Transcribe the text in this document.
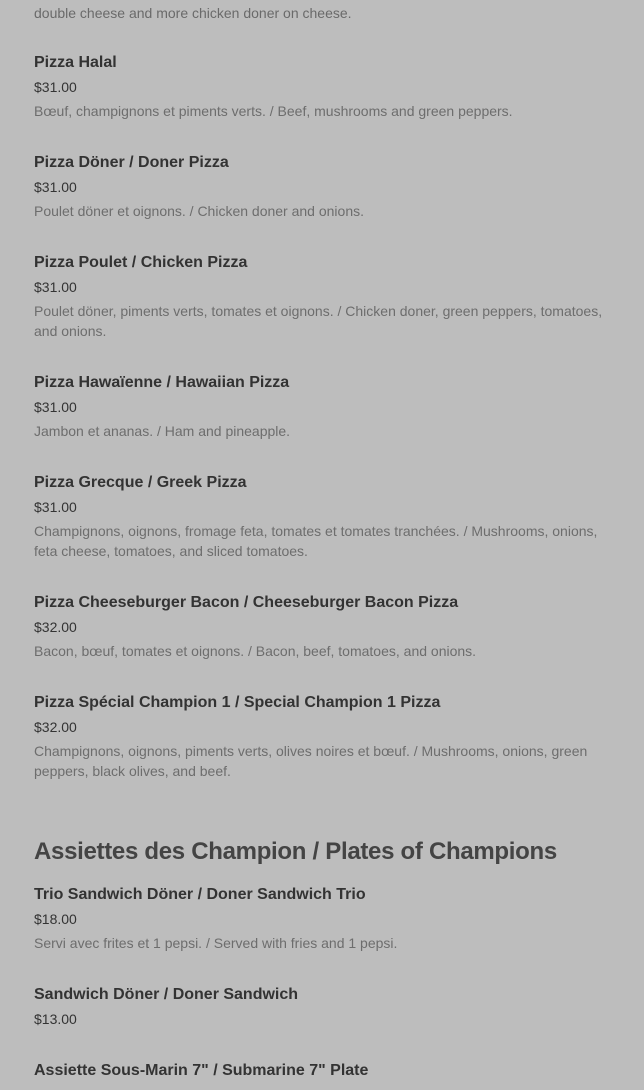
double cheese and more chicken doner on cheese.
Pizza Halal
$31.00
Bœuf, champignons et piments verts. / Beef, mushrooms and green peppers.
Pizza Döner / Doner Pizza
$31.00
Poulet döner et oignons. / Chicken doner and onions.
Pizza Poulet / Chicken Pizza
$31.00
Poulet döner, piments verts, tomates et oignons. / Chicken doner, green peppers, tomatoes, and onions.
Pizza Hawaïenne / Hawaiian Pizza
$31.00
Jambon et ananas. / Ham and pineapple.
Pizza Grecque / Greek Pizza
$31.00
Champignons, oignons, fromage feta, tomates et tomates tranchées. / Mushrooms, onions, feta cheese, tomatoes, and sliced tomatoes.
Pizza Cheeseburger Bacon / Cheeseburger Bacon Pizza
$32.00
Bacon, bœuf, tomates et oignons. / Bacon, beef, tomatoes, and onions.
Pizza Spécial Champion 1 / Special Champion 1 Pizza
$32.00
Champignons, oignons, piments verts, olives noires et bœuf. / Mushrooms, onions, green peppers, black olives, and beef.
Assiettes des Champion / Plates of Champions
Trio Sandwich Döner / Doner Sandwich Trio
$18.00
Servi avec frites et 1 pepsi. / Served with fries and 1 pepsi.
Sandwich Döner / Doner Sandwich
$13.00
Assiette Sous-Marin 7" / Submarine 7" Plate
